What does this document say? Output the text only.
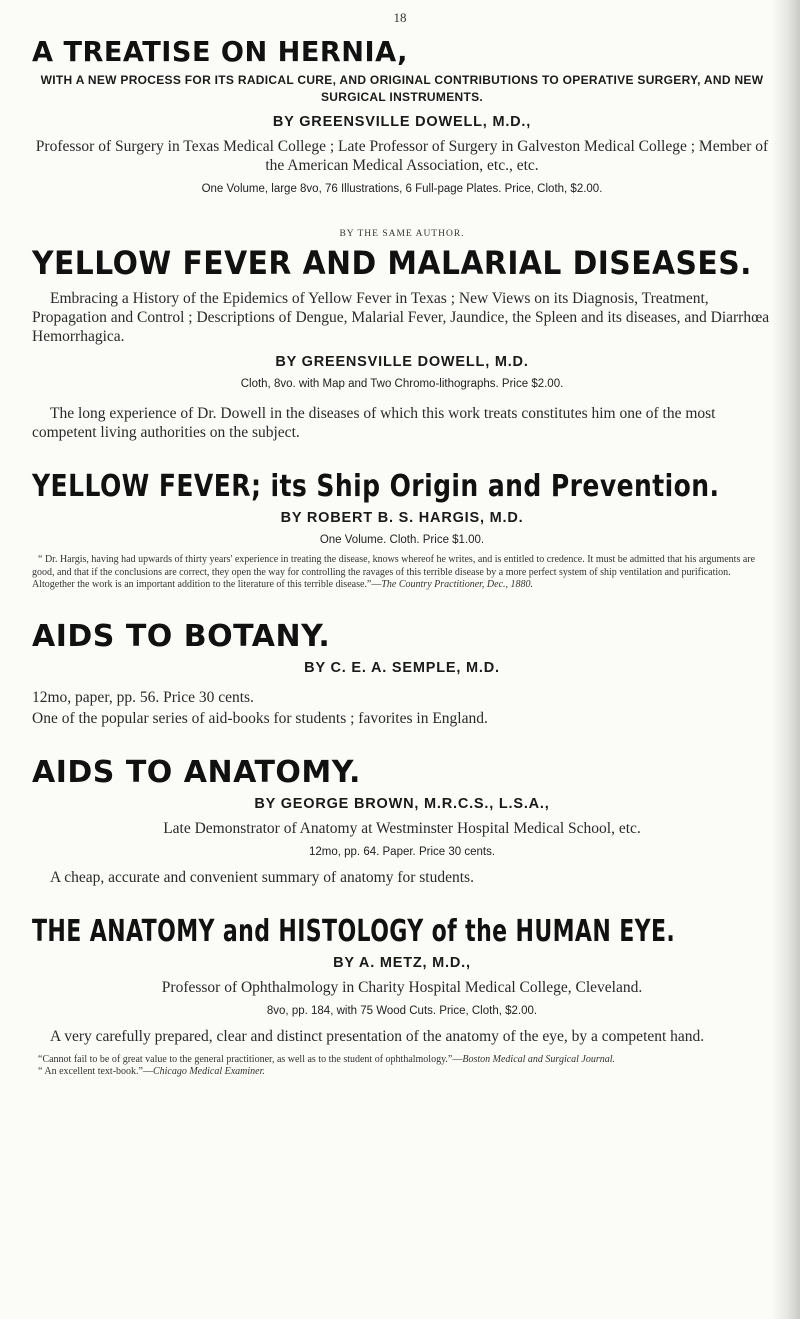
18
A TREATISE ON HERNIA,
WITH A NEW PROCESS FOR ITS RADICAL CURE, AND ORIGINAL CONTRIBUTIONS TO OPERATIVE SURGERY, AND NEW SURGICAL INSTRUMENTS.
BY GREENSVILLE DOWELL, M.D.,
Professor of Surgery in Texas Medical College ; Late Professor of Surgery in Galveston Medical College ; Member of the American Medical Association, etc., etc.
One Volume, large 8vo, 76 Illustrations, 6 Full-page Plates. Price, Cloth, $2.00.
BY THE SAME AUTHOR.
YELLOW FEVER AND MALARIAL DISEASES.
Embracing a History of the Epidemics of Yellow Fever in Texas ; New Views on its Diagnosis, Treatment, Propagation and Control ; Descriptions of Dengue, Malarial Fever, Jaundice, the Spleen and its diseases, and Diarrhœa Hemorrhagica.
BY GREENSVILLE DOWELL, M.D.
Cloth, 8vo. with Map and Two Chromo-lithographs. Price $2.00.
The long experience of Dr. Dowell in the diseases of which this work treats constitutes him one of the most competent living authorities on the subject.
YELLOW FEVER; its Ship Origin and Prevention.
BY ROBERT B. S. HARGIS, M.D.
One Volume. Cloth. Price $1.00.
“ Dr. Hargis, having had upwards of thirty years' experience in treating the disease, knows whereof he writes, and is entitled to credence. It must be admitted that his arguments are good, and that if the conclusions are correct, they open the way for controlling the ravages of this terrible disease by a more perfect system of ship ventilation and purification. Altogether the work is an important addition to the literature of this terrible disease.”—The Country Practitioner, Dec., 1880.
AIDS TO BOTANY.
BY C. E. A. SEMPLE, M.D.
12mo, paper, pp. 56. Price 30 cents.
One of the popular series of aid-books for students ; favorites in England.
AIDS TO ANATOMY.
BY GEORGE BROWN, M.R.C.S., L.S.A.,
Late Demonstrator of Anatomy at Westminster Hospital Medical School, etc.
12mo, pp. 64. Paper. Price 30 cents.
A cheap, accurate and convenient summary of anatomy for students.
THE ANATOMY and HISTOLOGY of the HUMAN EYE.
BY A. METZ, M.D.,
Professor of Ophthalmology in Charity Hospital Medical College, Cleveland.
8vo, pp. 184, with 75 Wood Cuts. Price, Cloth, $2.00.
A very carefully prepared, clear and distinct presentation of the anatomy of the eye, by a competent hand.
“Cannot fail to be of great value to the general practitioner, as well as to the student of ophthalmology.”—Boston Medical and Surgical Journal.
“ An excellent text-book.”—Chicago Medical Examiner.
